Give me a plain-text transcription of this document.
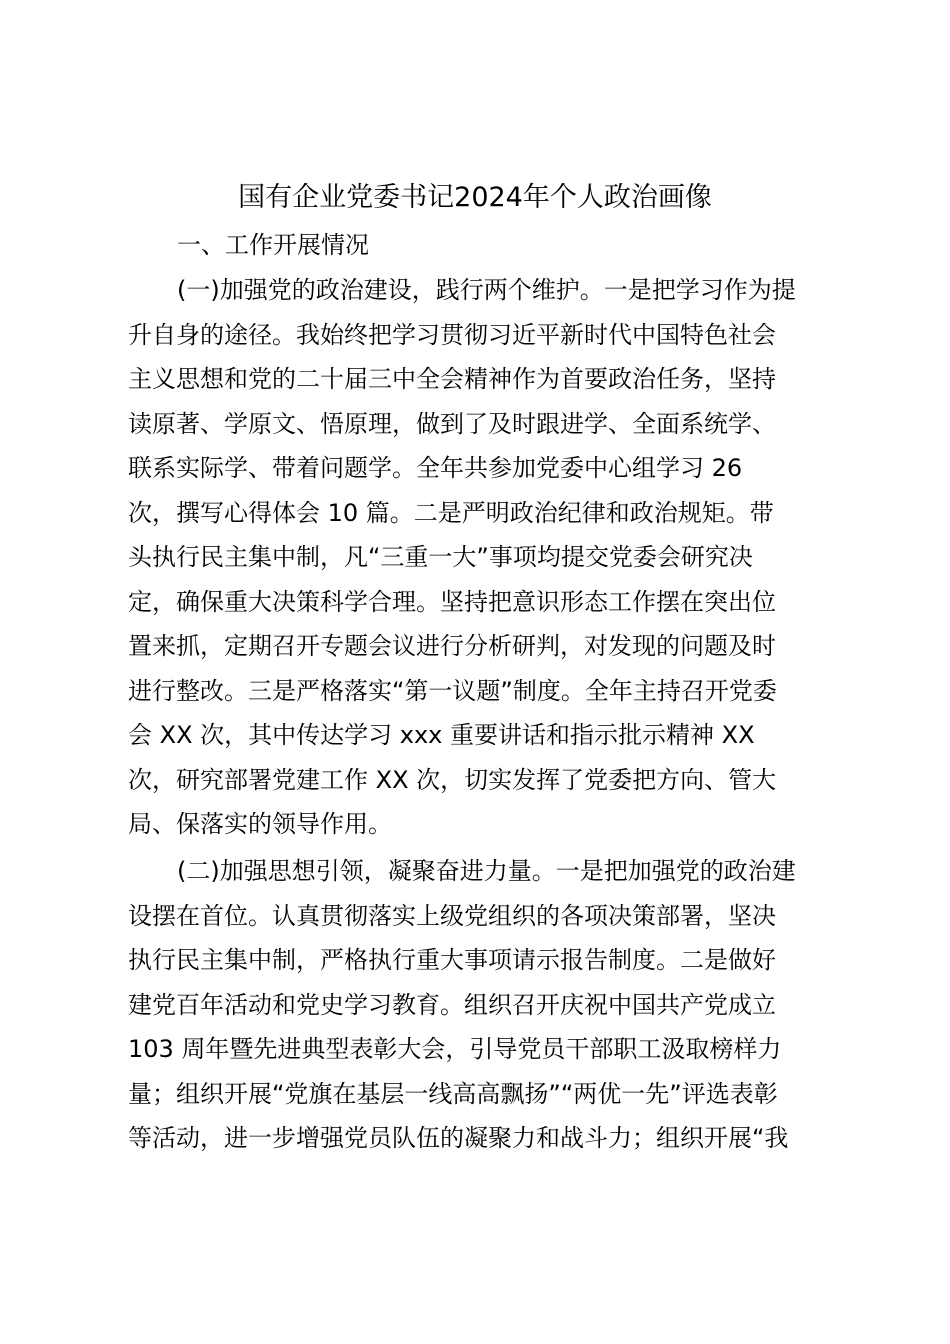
国有企业党委书记2024年个人政治画像
一、工作开展情况
(一)加强党的政治建设，践行两个维护。一是把学习作为提
升自身的途径。我始终把学习贯彻习近平新时代中国特色社会
主义思想和党的二十届三中全会精神作为首要政治任务，坚持
读原著、学原文、悟原理，做到了及时跟进学、全面系统学、
联系实际学、带着问题学。全年共参加党委中心组学习 26
次，撰写心得体会 10 篇。二是严明政治纪律和政治规矩。带
头执行民主集中制，凡“三重一大”事项均提交党委会研究决
定，确保重大决策科学合理。坚持把意识形态工作摆在突出位
置来抓，定期召开专题会议进行分析研判，对发现的问题及时
进行整改。三是严格落实“第一议题”制度。全年主持召开党委
会 XX 次，其中传达学习 xxx 重要讲话和指示批示精神 XX
次，研究部署党建工作 XX 次，切实发挥了党委把方向、管大
局、保落实的领导作用。
(二)加强思想引领，凝聚奋进力量。一是把加强党的政治建
设摆在首位。认真贯彻落实上级党组织的各项决策部署，坚决
执行民主集中制，严格执行重大事项请示报告制度。二是做好
建党百年活动和党史学习教育。组织召开庆祝中国共产党成立
103 周年暨先进典型表彰大会，引导党员干部职工汲取榜样力
量；组织开展“党旗在基层一线高高飘扬”“两优一先”评选表彰
等活动，进一步增强党员队伍的凝聚力和战斗力；组织开展“我
